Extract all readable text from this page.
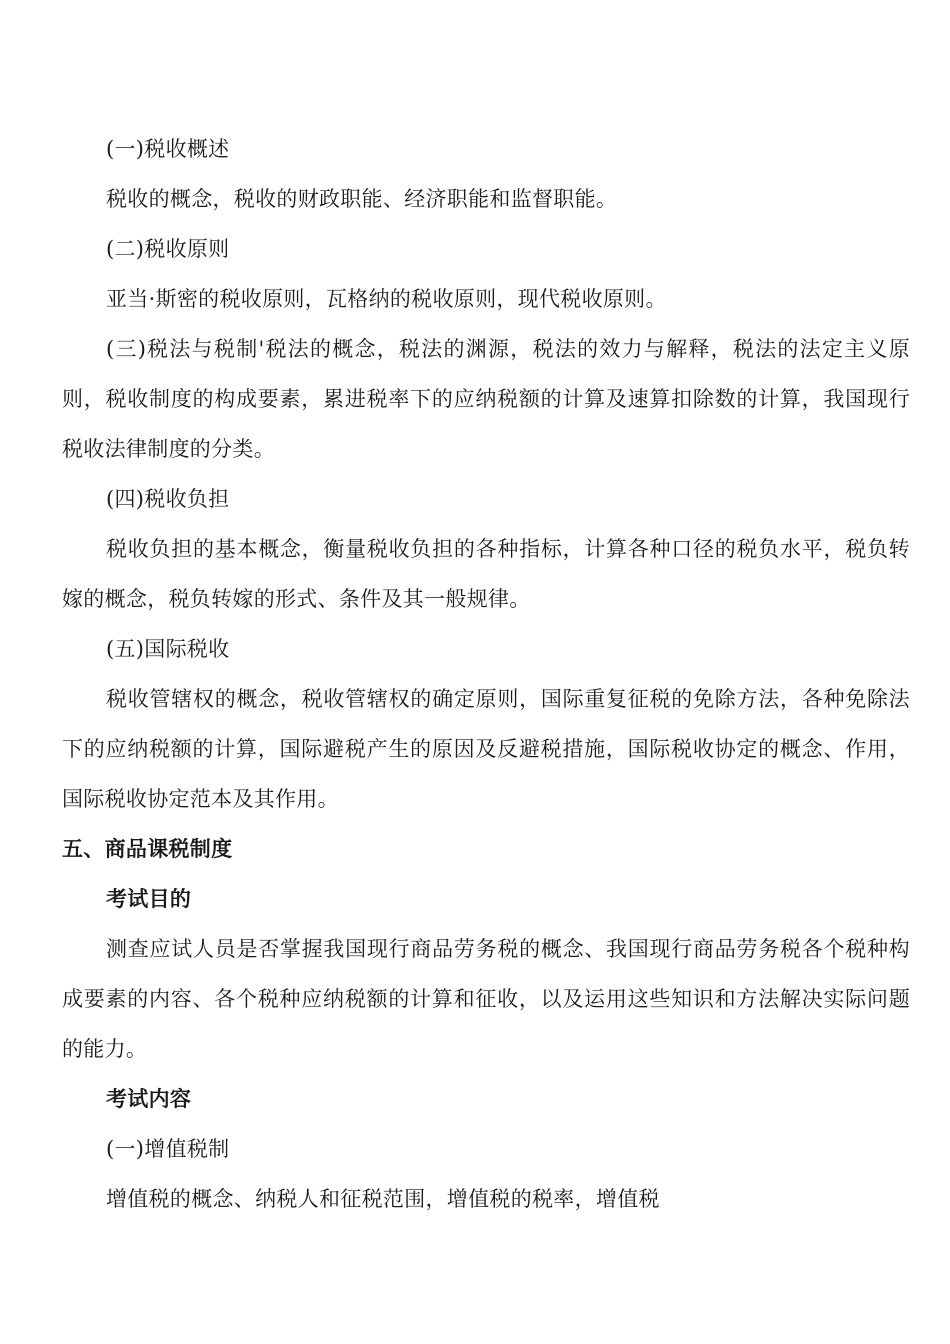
(一)税收概述

税收的概念，税收的财政职能、经济职能和监督职能。

(二)税收原则

亚当·斯密的税收原则，瓦格纳的税收原则，现代税收原则。

(三)税法与税制'税法的概念，税法的渊源，税法的效力与解释，税法的法定主义原则，税收制度的构成要素，累进税率下的应纳税额的计算及速算扣除数的计算，我国现行税收法律制度的分类。

(四)税收负担

税收负担的基本概念，衡量税收负担的各种指标，计算各种口径的税负水平，税负转嫁的概念，税负转嫁的形式、条件及其一般规律。

(五)国际税收

税收管辖权的概念，税收管辖权的确定原则，国际重复征税的免除方法，各种免除法下的应纳税额的计算，国际避税产生的原因及反避税措施，国际税收协定的概念、作用，国际税收协定范本及其作用。

五、商品课税制度

考试目的

测查应试人员是否掌握我国现行商品劳务税的概念、我国现行商品劳务税各个税种构成要素的内容、各个税种应纳税额的计算和征收，以及运用这些知识和方法解决实际问题的能力。

考试内容

(一)增值税制

增值税的概念、纳税人和征税范围，增值税的税率，增值税
